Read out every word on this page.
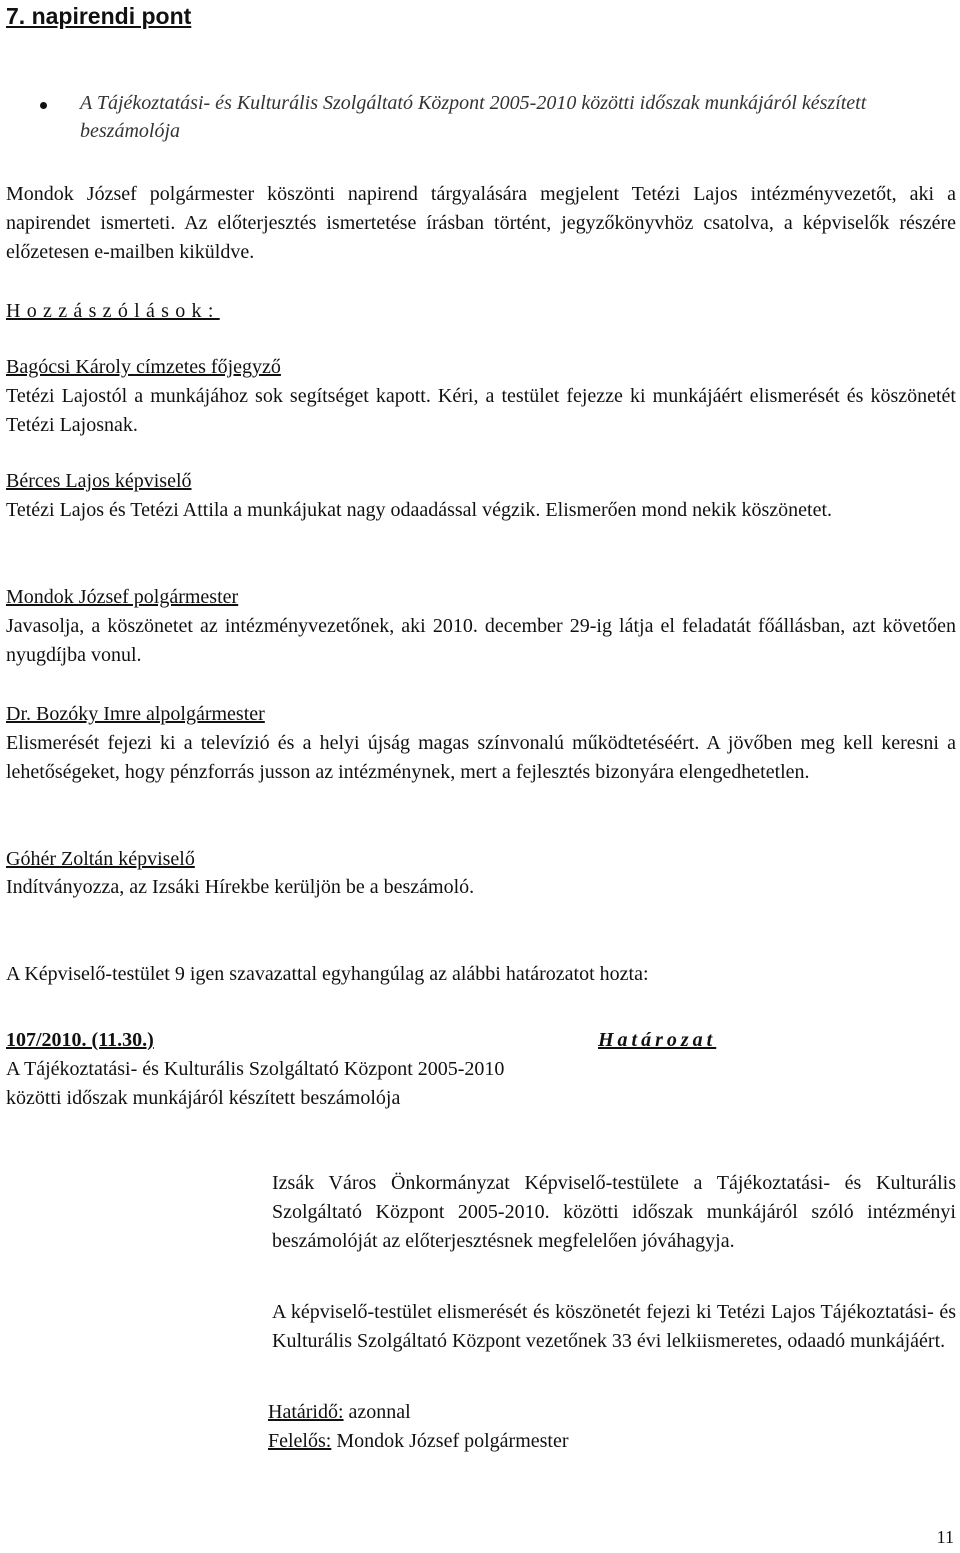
7. napirendi pont

A Tájékoztatási- és Kulturális Szolgáltató Központ 2005-2010 közötti időszak munkájáról készített beszámolója

Mondok József polgármester köszönti napirend tárgyalására megjelent Tetézi Lajos intézményvezetőt, aki a napirendet ismerteti. Az előterjesztés ismertetése írásban történt, jegyzőkönyvhöz csatolva, a képviselők részére előzetesen e-mailben kiküldve.

Hozzászólások:

Bagócsi Károly címzetes főjegyző

Tetézi Lajostól a munkájához sok segítséget kapott. Kéri, a testület fejezze ki munkájáért elismerését és köszönetét Tetézi Lajosnak.

Bérces Lajos képviselő

Tetézi Lajos és Tetézi Attila a munkájukat nagy odaadással végzik. Elismerően mond nekik köszönetet.

Mondok József polgármester

Javasolja, a köszönetet az intézményvezetőnek, aki 2010. december 29-ig látja el feladatát főállásban, azt követően nyugdíjba vonul.

Dr. Bozóky Imre alpolgármester

Elismerését fejezi ki a televízió és a helyi újság magas színvonalú működtetéséért. A jövőben meg kell keresni a lehetőségeket, hogy pénzforrás jusson az intézménynek, mert a fejlesztés bizonyára elengedhetetlen.

Góhér Zoltán képviselő

Indítványozza, az Izsáki Hírekbe kerüljön be a beszámoló.

A Képviselő-testület 9 igen szavazattal egyhangúlag az alábbi határozatot hozta:

107/2010. (11.30.)	Határozat

A Tájékoztatási- és Kulturális Szolgáltató Központ 2005-2010 közötti időszak munkájáról készített beszámolója

Izsák Város Önkormányzat Képviselő-testülete a Tájékoztatási- és Kulturális Szolgáltató Központ 2005-2010. közötti időszak munkájáról szóló intézményi beszámolóját az előterjesztésnek megfelelően jóváhagyja.

A képviselő-testület elismerését és köszönetét fejezi ki Tetézi Lajos Tájékoztatási- és Kulturális Szolgáltató Központ vezetőnek 33 évi lelkiismeretes, odaadó munkájáért.

Határidő: azonnal

Felelős: Mondok József polgármester

11
